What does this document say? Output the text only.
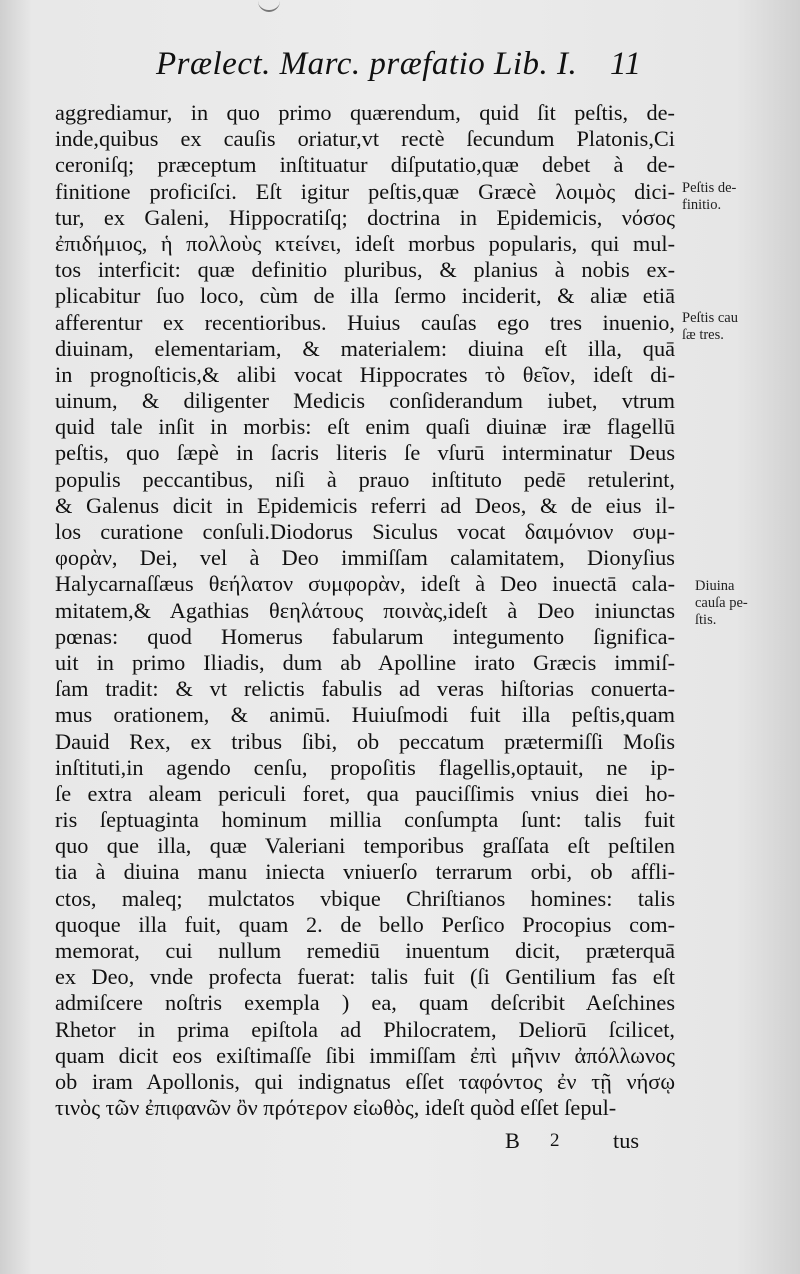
Prælect. Marc. præfatio Lib. I. 11
aggrediamur, in quo primo quærendum, quid ſit peſtis, de-
inde,quibus ex cauſis oriatur,vt rectè ſecundum Platonis,Ci
ceroniſq; præceptum inſtituatur diſputatio,quæ debet à de-
finitione proficiſci. Eſt igitur peſtis,quæ Græcè λοιμὸς dici-
tur, ex Galeni, Hippocratiſq; doctrina in Epidemicis, νόσος
ἐπιδήμιος, ἡ πολλοὺς κτείνει, ideſt morbus popularis, qui mul-
tos interficit: quæ definitio pluribus, & planius à nobis ex-
plicabitur ſuo loco, cùm de illa ſermo inciderit, & aliæ etiā
afferentur ex recentioribus. Huius cauſas ego tres inuenio,
diuinam, elementariam, & materialem: diuina eſt illa, quā
in prognoſticis,& alibi vocat Hippocrates τὸ θεῖον, ideſt di-
uinum, & diligenter Medicis conſiderandum iubet, vtrum
quid tale inſit in morbis: eſt enim quaſi diuinæ iræ flagellū
peſtis, quo ſæpè in ſacris literis ſe vſurū interminatur Deus
populis peccantibus, niſi à prauo inſtituto pedē retulerint,
& Galenus dicit in Epidemicis referri ad Deos, & de eius il-
los curatione conſuli.Diodorus Siculus vocat δαιμόνιον συμ-
φορὰν, Dei, vel à Deo immiſſam calamitatem, Dionyſius
Halycarnaſſæus θεήλατον συμφορὰν, ideſt à Deo inuectā cala-
mitatem,& Agathias θεηλάτους ποινὰς,ideſt à Deo iniunctas
pœnas: quod Homerus fabularum integumento ſignifica-
uit in primo Iliadis, dum ab Apolline irato Græcis immiſ-
ſam tradit: & vt relictis fabulis ad veras hiſtorias conuerta-
mus orationem, & animū. Huiuſmodi fuit illa peſtis,quam
Dauid Rex, ex tribus ſibi, ob peccatum prætermiſſi Moſis
inſtituti,in agendo cenſu, propoſitis flagellis,optauit, ne ip-
ſe extra aleam periculi foret, qua pauciſſimis vnius diei ho-
ris ſeptuaginta hominum millia conſumpta ſunt: talis fuit
quo que illa, quæ Valeriani temporibus graſſata eſt peſtilen
tia à diuina manu iniecta vniuerſo terrarum orbi, ob affli-
ctos, maleq; mulctatos vbique Chriſtianos homines: talis
quoque illa fuit, quam 2. de bello Perſico Procopius com-
memorat, cui nullum remediū inuentum dicit, præterquā
ex Deo, vnde profecta fuerat: talis fuit (ſi Gentilium fas eſt
admiſcere noſtris exempla ) ea, quam deſcribit Aeſchines
Rhetor in prima epiſtola ad Philocratem, Deliorū ſcilicet,
quam dicit eos exiſtimaſſe ſibi immiſſam ἐπὶ μῆνιν ἀπόλλωνος
ob iram Apollonis, qui indignatus eſſet ταφόντος ἐν τῇ νήσῳ
τινὸς τῶν ἐπιφανῶν ὂν πρότερον εἰωθὸς, ideſt quòd eſſet ſepul-
Peſtis de-
finitio.
Peſtis cau
ſæ tres.
Diuina
cauſa pe-
ſtis.
B 2 tus
